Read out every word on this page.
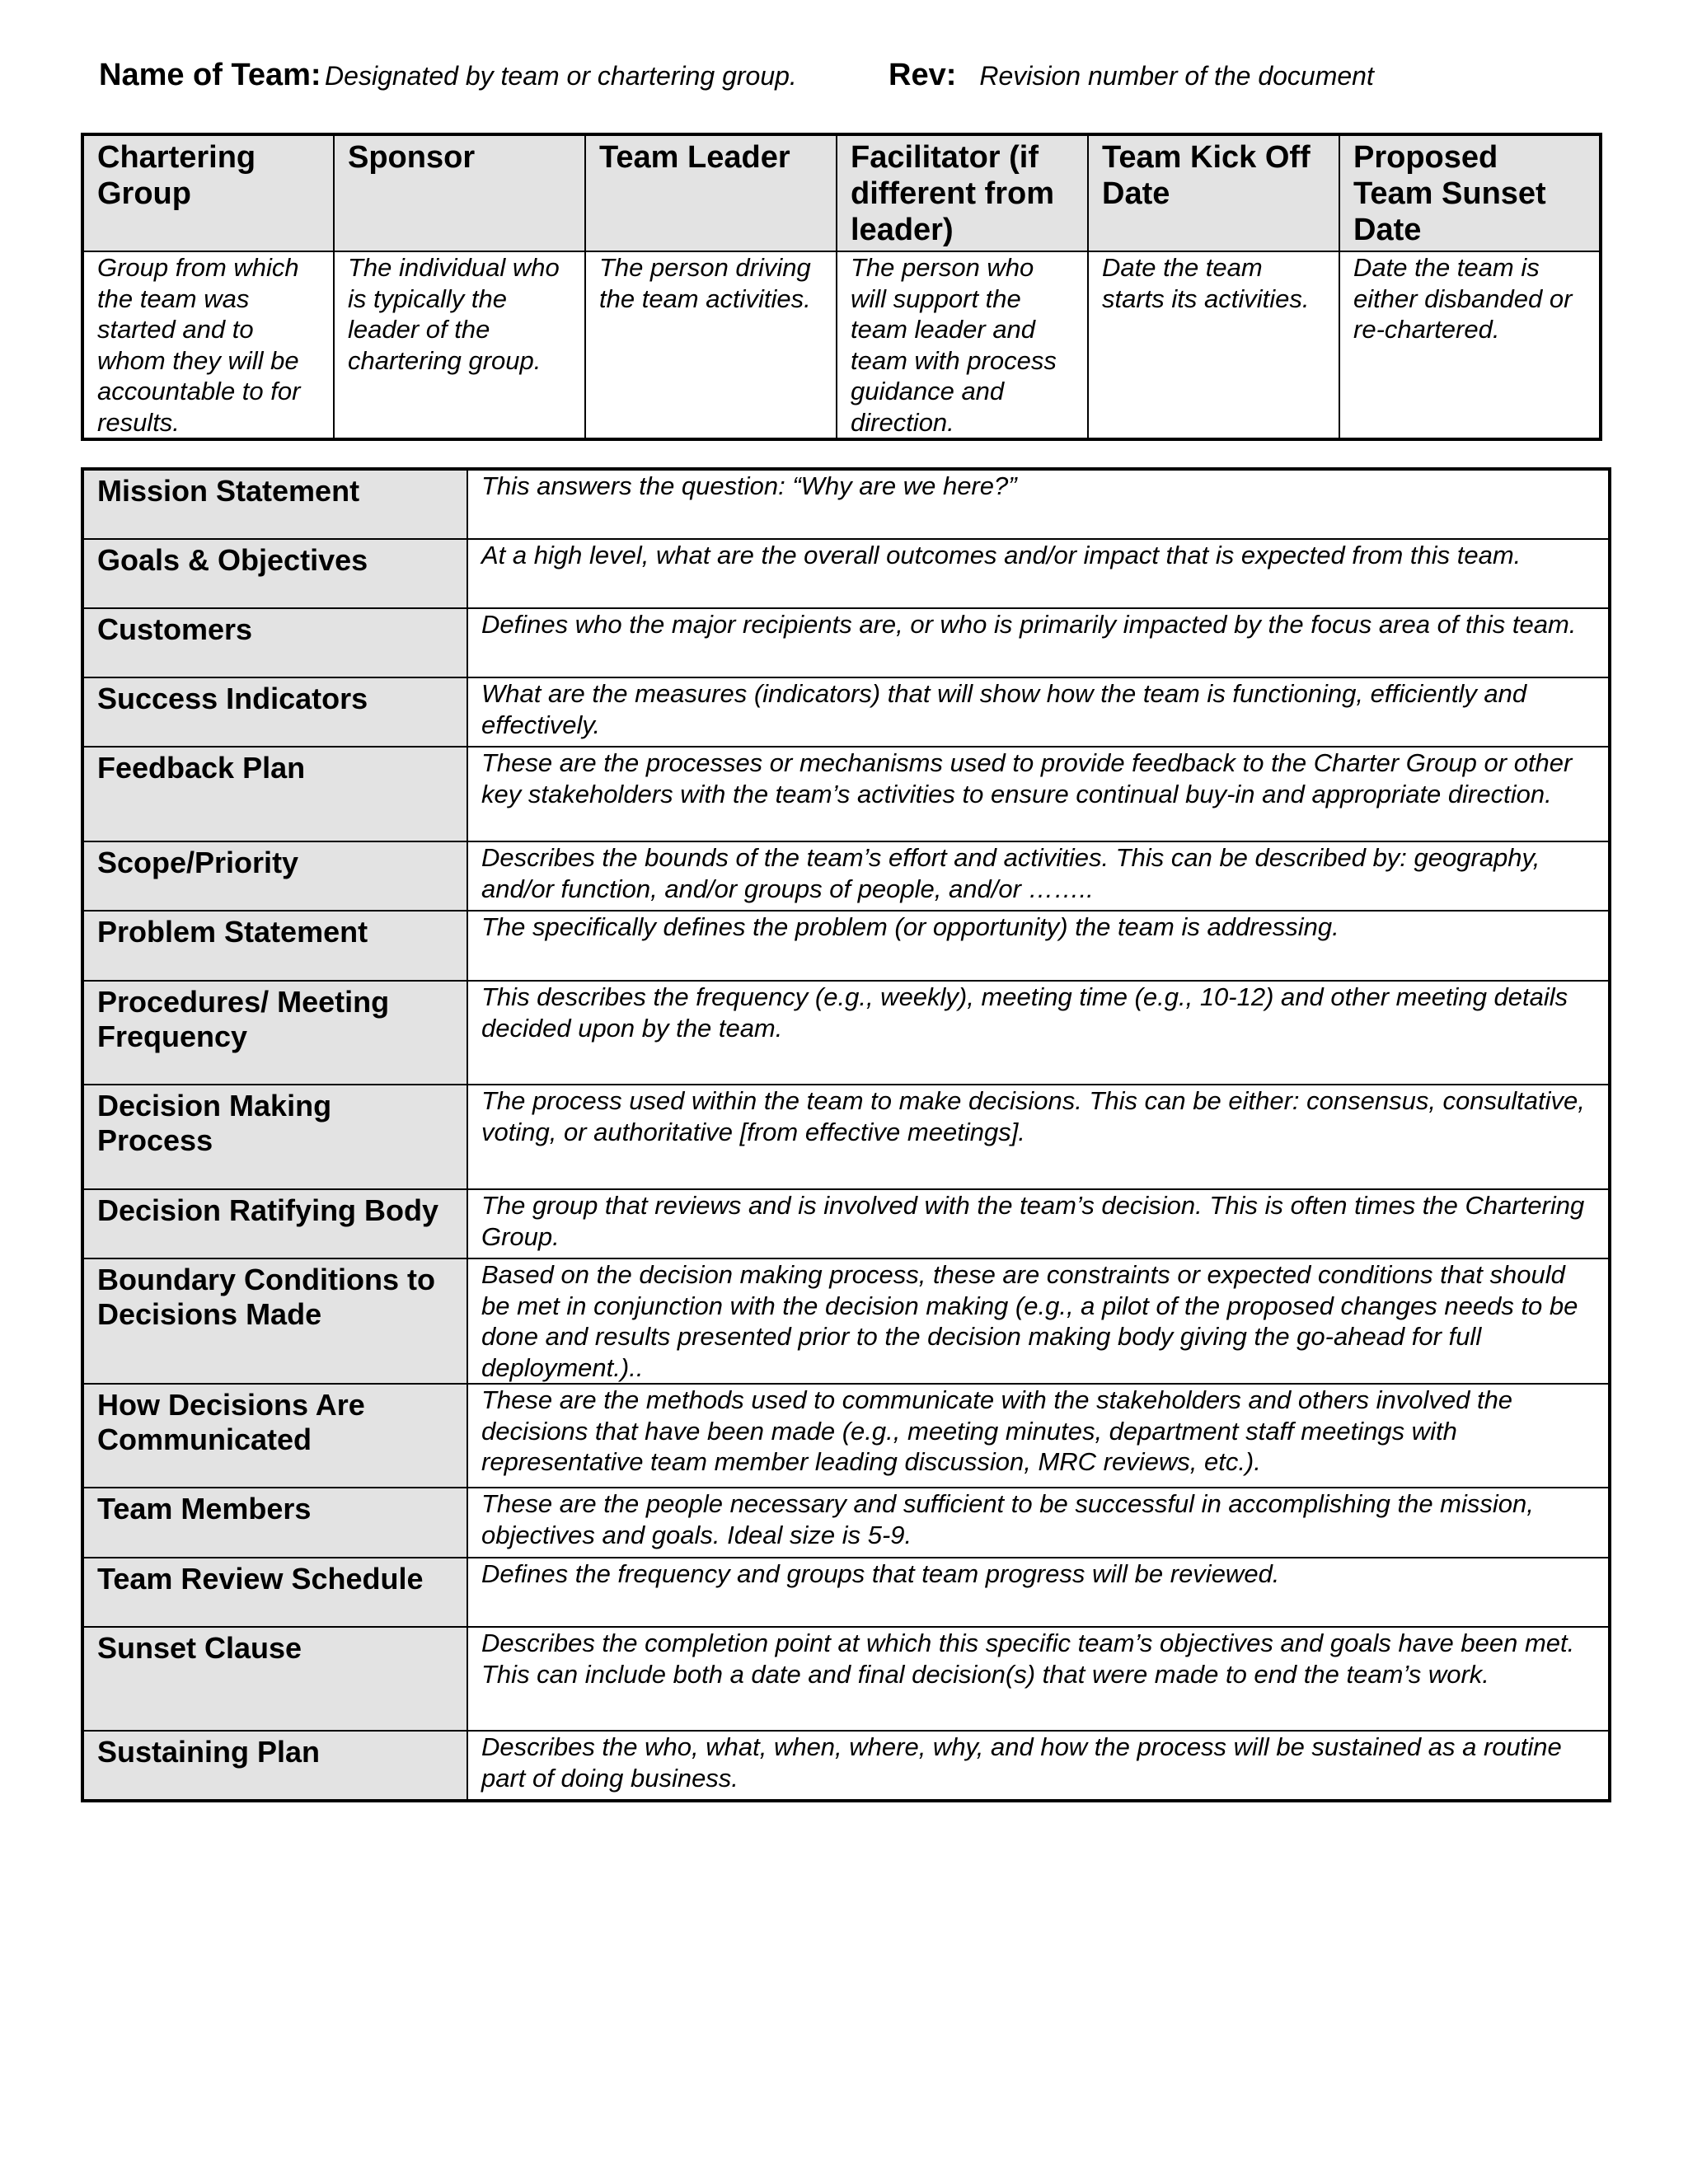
Name of Team: Designated by team or chartering group.	Rev: Revision number of the document
Chartering Group	Sponsor	Team Leader	Facilitator (if different from leader)	Team Kick Off Date	Proposed Team Sunset Date
Group from which the team was started and to whom they will be accountable to for results.	The individual who is typically the leader of the chartering group.	The person driving the team activities.	The person who will support the team leader and team with process guidance and direction.	Date the team starts its activities.	Date the team is either disbanded or re-chartered.
Mission Statement	This answers the question: “Why are we here?”
Goals & Objectives	At a high level, what are the overall outcomes and/or impact that is expected from this team.
Customers	Defines who the major recipients are, or who is primarily impacted by the focus area of this team.
Success Indicators	What are the measures (indicators) that will show how the team is functioning, efficiently and effectively.
Feedback Plan	These are the processes or mechanisms used to provide feedback to the Charter Group or other key stakeholders with the team’s activities to ensure continual buy-in and appropriate direction.
Scope/Priority	Describes the bounds of the team’s effort and activities. This can be described by: geography, and/or function, and/or groups of people, and/or ……..
Problem Statement	The specifically defines the problem (or opportunity) the team is addressing.
Procedures/ Meeting Frequency	This describes the frequency (e.g., weekly), meeting time (e.g., 10-12) and other meeting details decided upon by the team.
Decision Making Process	The process used within the team to make decisions. This can be either: consensus, consultative, voting, or authoritative [from effective meetings].
Decision Ratifying Body	The group that reviews and is involved with the team’s decision. This is often times the Chartering Group.
Boundary Conditions to Decisions Made	Based on the decision making process, these are constraints or expected conditions that should be met in conjunction with the decision making (e.g., a pilot of the proposed changes needs to be done and results presented prior to the decision making body giving the go-ahead for full deployment.)..
How Decisions Are Communicated	These are the methods used to communicate with the stakeholders and others involved the decisions that have been made (e.g., meeting minutes, department staff meetings with representative team member leading discussion, MRC reviews, etc.).
Team Members	These are the people necessary and sufficient to be successful in accomplishing the mission, objectives and goals. Ideal size is 5-9.
Team Review Schedule	Defines the frequency and groups that team progress will be reviewed.
Sunset Clause	Describes the completion point at which this specific team’s objectives and goals have been met. This can include both a date and final decision(s) that were made to end the team’s work.
Sustaining Plan	Describes the who, what, when, where, why, and how the process will be sustained as a routine part of doing business.
